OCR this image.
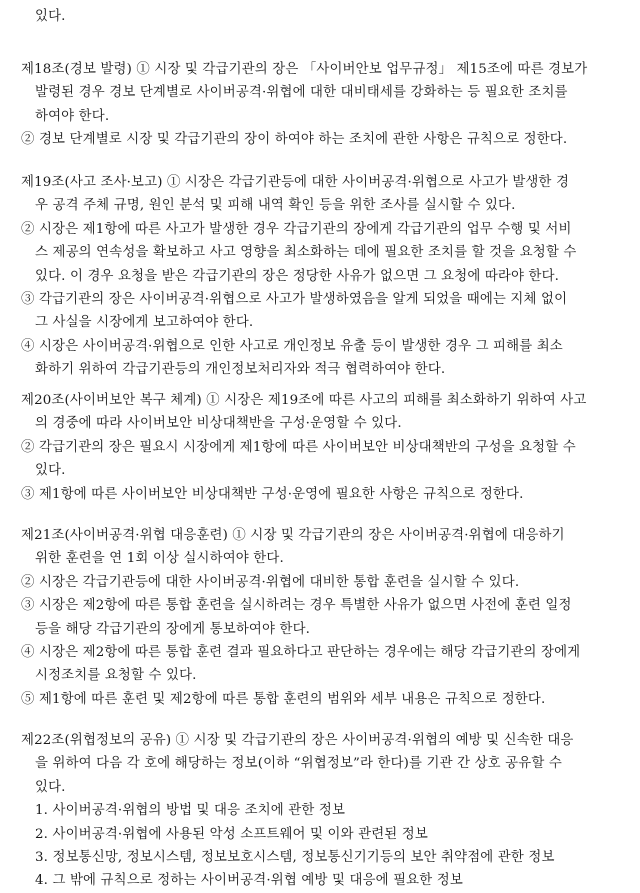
있다.
제18조(경보 발령) ① 시장 및 각급기관의 장은 「사이버안보 업무규정」 제15조에 따른 경보가
발령된 경우 경보 단계별로 사이버공격·위협에 대한 대비태세를 강화하는 등 필요한 조치를
하여야 한다.
② 경보 단계별로 시장 및 각급기관의 장이 하여야 하는 조치에 관한 사항은 규칙으로 정한다.
제19조(사고 조사·보고) ① 시장은 각급기관등에 대한 사이버공격·위협으로 사고가 발생한 경
우 공격 주체 규명, 원인 분석 및 피해 내역 확인 등을 위한 조사를 실시할 수 있다.
② 시장은 제1항에 따른 사고가 발생한 경우 각급기관의 장에게 각급기관의 업무 수행 및 서비
스 제공의 연속성을 확보하고 사고 영향을 최소화하는 데에 필요한 조치를 할 것을 요청할 수
있다. 이 경우 요청을 받은 각급기관의 장은 정당한 사유가 없으면 그 요청에 따라야 한다.
③ 각급기관의 장은 사이버공격·위협으로 사고가 발생하였음을 알게 되었을 때에는 지체 없이
그 사실을 시장에게 보고하여야 한다.
④ 시장은 사이버공격·위협으로 인한 사고로 개인정보 유출 등이 발생한 경우 그 피해를 최소
화하기 위하여 각급기관등의 개인정보처리자와 적극 협력하여야 한다.
제20조(사이버보안 복구 체계) ① 시장은 제19조에 따른 사고의 피해를 최소화하기 위하여 사고
의 경중에 따라 사이버보안 비상대책반을 구성·운영할 수 있다.
② 각급기관의 장은 필요시 시장에게 제1항에 따른 사이버보안 비상대책반의 구성을 요청할 수
있다.
③ 제1항에 따른 사이버보안 비상대책반 구성·운영에 필요한 사항은 규칙으로 정한다.
제21조(사이버공격·위협 대응훈련) ① 시장 및 각급기관의 장은 사이버공격·위협에 대응하기
위한 훈련을 연 1회 이상 실시하여야 한다.
② 시장은 각급기관등에 대한 사이버공격·위협에 대비한 통합 훈련을 실시할 수 있다.
③ 시장은 제2항에 따른 통합 훈련을 실시하려는 경우 특별한 사유가 없으면 사전에 훈련 일정
등을 해당 각급기관의 장에게 통보하여야 한다.
④ 시장은 제2항에 따른 통합 훈련 결과 필요하다고 판단하는 경우에는 해당 각급기관의 장에게
시정조치를 요청할 수 있다.
⑤ 제1항에 따른 훈련 및 제2항에 따른 통합 훈련의 범위와 세부 내용은 규칙으로 정한다.
제22조(위협정보의 공유) ① 시장 및 각급기관의 장은 사이버공격·위협의 예방 및 신속한 대응
을 위하여 다음 각 호에 해당하는 정보(이하 “위협정보”라 한다)를 기관 간 상호 공유할 수
있다.
1. 사이버공격·위협의 방법 및 대응 조치에 관한 정보
2. 사이버공격·위협에 사용된 악성 소프트웨어 및 이와 관련된 정보
3. 정보통신망, 정보시스템, 정보보호시스템, 정보통신기기등의 보안 취약점에 관한 정보
4. 그 밖에 규칙으로 정하는 사이버공격·위협 예방 및 대응에 필요한 정보
